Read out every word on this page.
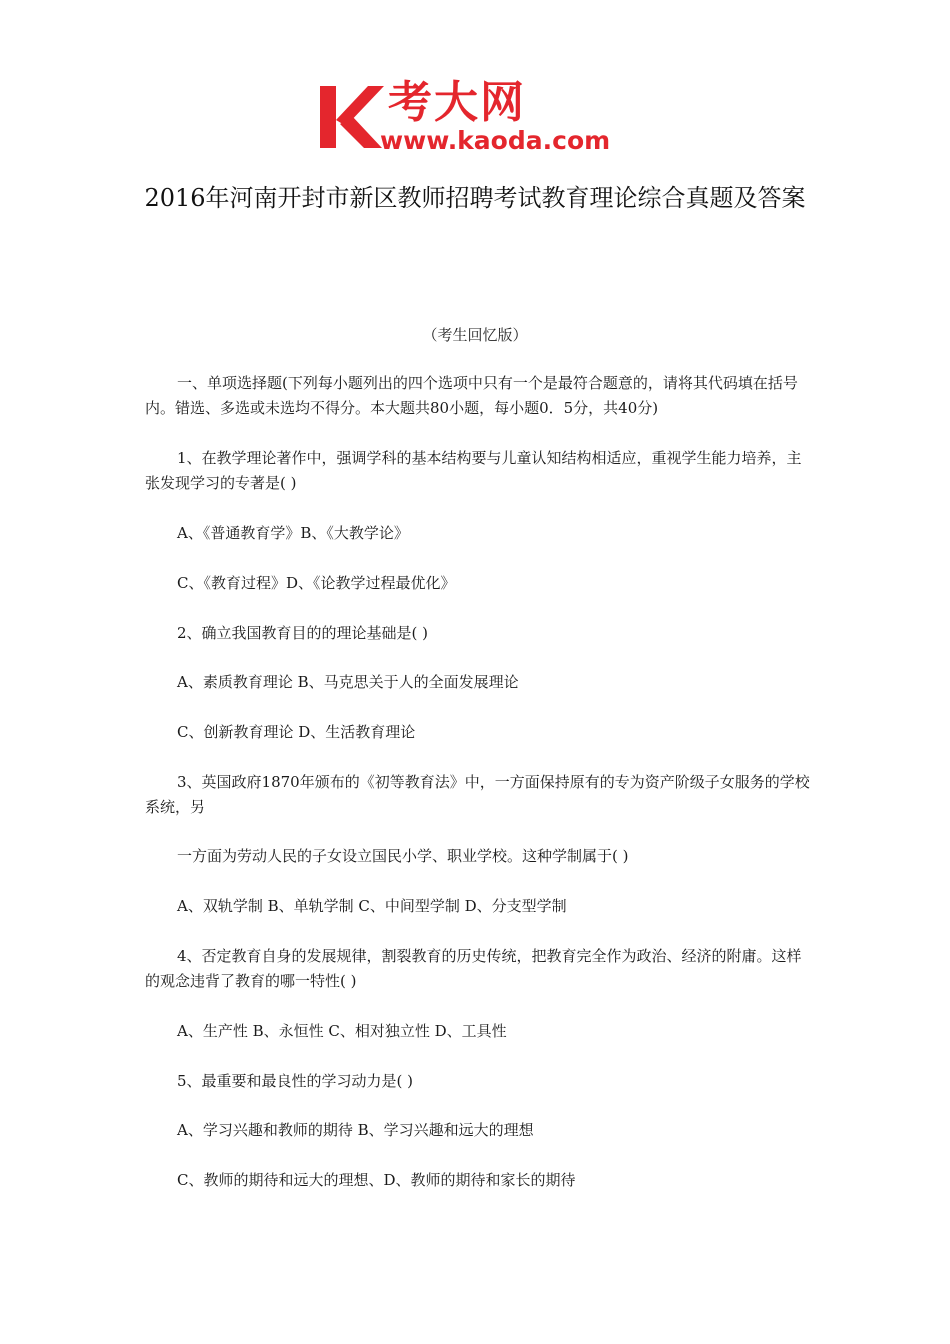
考大网
www.kaoda.com
2016年河南开封市新区教师招聘考试教育理论综合真题及答案
（考生回忆版）

一、单项选择题(下列每小题列出的四个选项中只有一个是最符合题意的，请将其代码填在括号内。错选、多选或未选均不得分。本大题共80小题，每小题0．5分，共40分)

1、在教学理论著作中，强调学科的基本结构要与儿童认知结构相适应，重视学生能力培养，主张发现学习的专著是( )

A、《普通教育学》B、《大教学论》
C、《教育过程》D、《论教学过程最优化》
2、确立我国教育目的的理论基础是( )
A、素质教育理论 B、马克思关于人的全面发展理论
C、创新教育理论 D、生活教育理论

3、英国政府1870年颁布的《初等教育法》中，一方面保持原有的专为资产阶级子女服务的学校系统，另

一方面为劳动人民的子女设立国民小学、职业学校。这种学制属于( )
A、双轨学制 B、单轨学制 C、中间型学制 D、分支型学制

4、否定教育自身的发展规律，割裂教育的历史传统，把教育完全作为政治、经济的附庸。这样的观念违背了教育的哪一特性( )

A、生产性 B、永恒性 C、相对独立性 D、工具性
5、最重要和最良性的学习动力是( )
A、学习兴趣和教师的期待 B、学习兴趣和远大的理想
C、教师的期待和远大的理想、D、教师的期待和家长的期待
